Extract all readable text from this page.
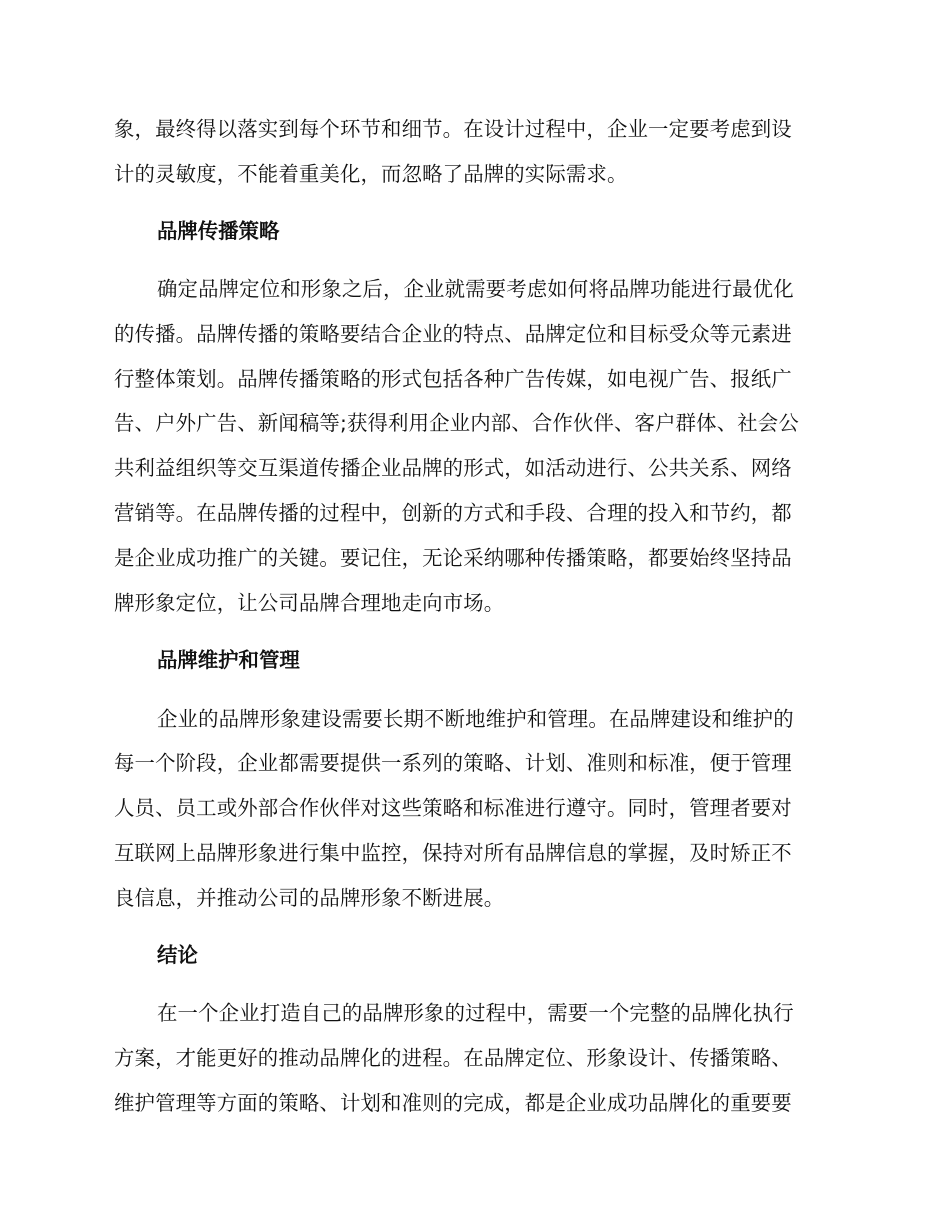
象，最终得以落实到每个环节和细节。在设计过程中，企业一定要考虑到设
计的灵敏度，不能着重美化，而忽略了品牌的实际需求。
品牌传播策略
确定品牌定位和形象之后，企业就需要考虑如何将品牌功能进行最优化
的传播。品牌传播的策略要结合企业的特点、品牌定位和目标受众等元素进
行整体策划。品牌传播策略的形式包括各种广告传媒，如电视广告、报纸广
告、户外广告、新闻稿等;获得利用企业内部、合作伙伴、客户群体、社会公
共利益组织等交互渠道传播企业品牌的形式，如活动进行、公共关系、网络
营销等。在品牌传播的过程中，创新的方式和手段、合理的投入和节约，都
是企业成功推广的关键。要记住，无论采纳哪种传播策略，都要始终坚持品
牌形象定位，让公司品牌合理地走向市场。
品牌维护和管理
企业的品牌形象建设需要长期不断地维护和管理。在品牌建设和维护的
每一个阶段，企业都需要提供一系列的策略、计划、准则和标准，便于管理
人员、员工或外部合作伙伴对这些策略和标准进行遵守。同时，管理者要对
互联网上品牌形象进行集中监控，保持对所有品牌信息的掌握，及时矫正不
良信息，并推动公司的品牌形象不断进展。
结论
在一个企业打造自己的品牌形象的过程中，需要一个完整的品牌化执行
方案，才能更好的推动品牌化的进程。在品牌定位、形象设计、传播策略、
维护管理等方面的策略、计划和准则的完成，都是企业成功品牌化的重要要
